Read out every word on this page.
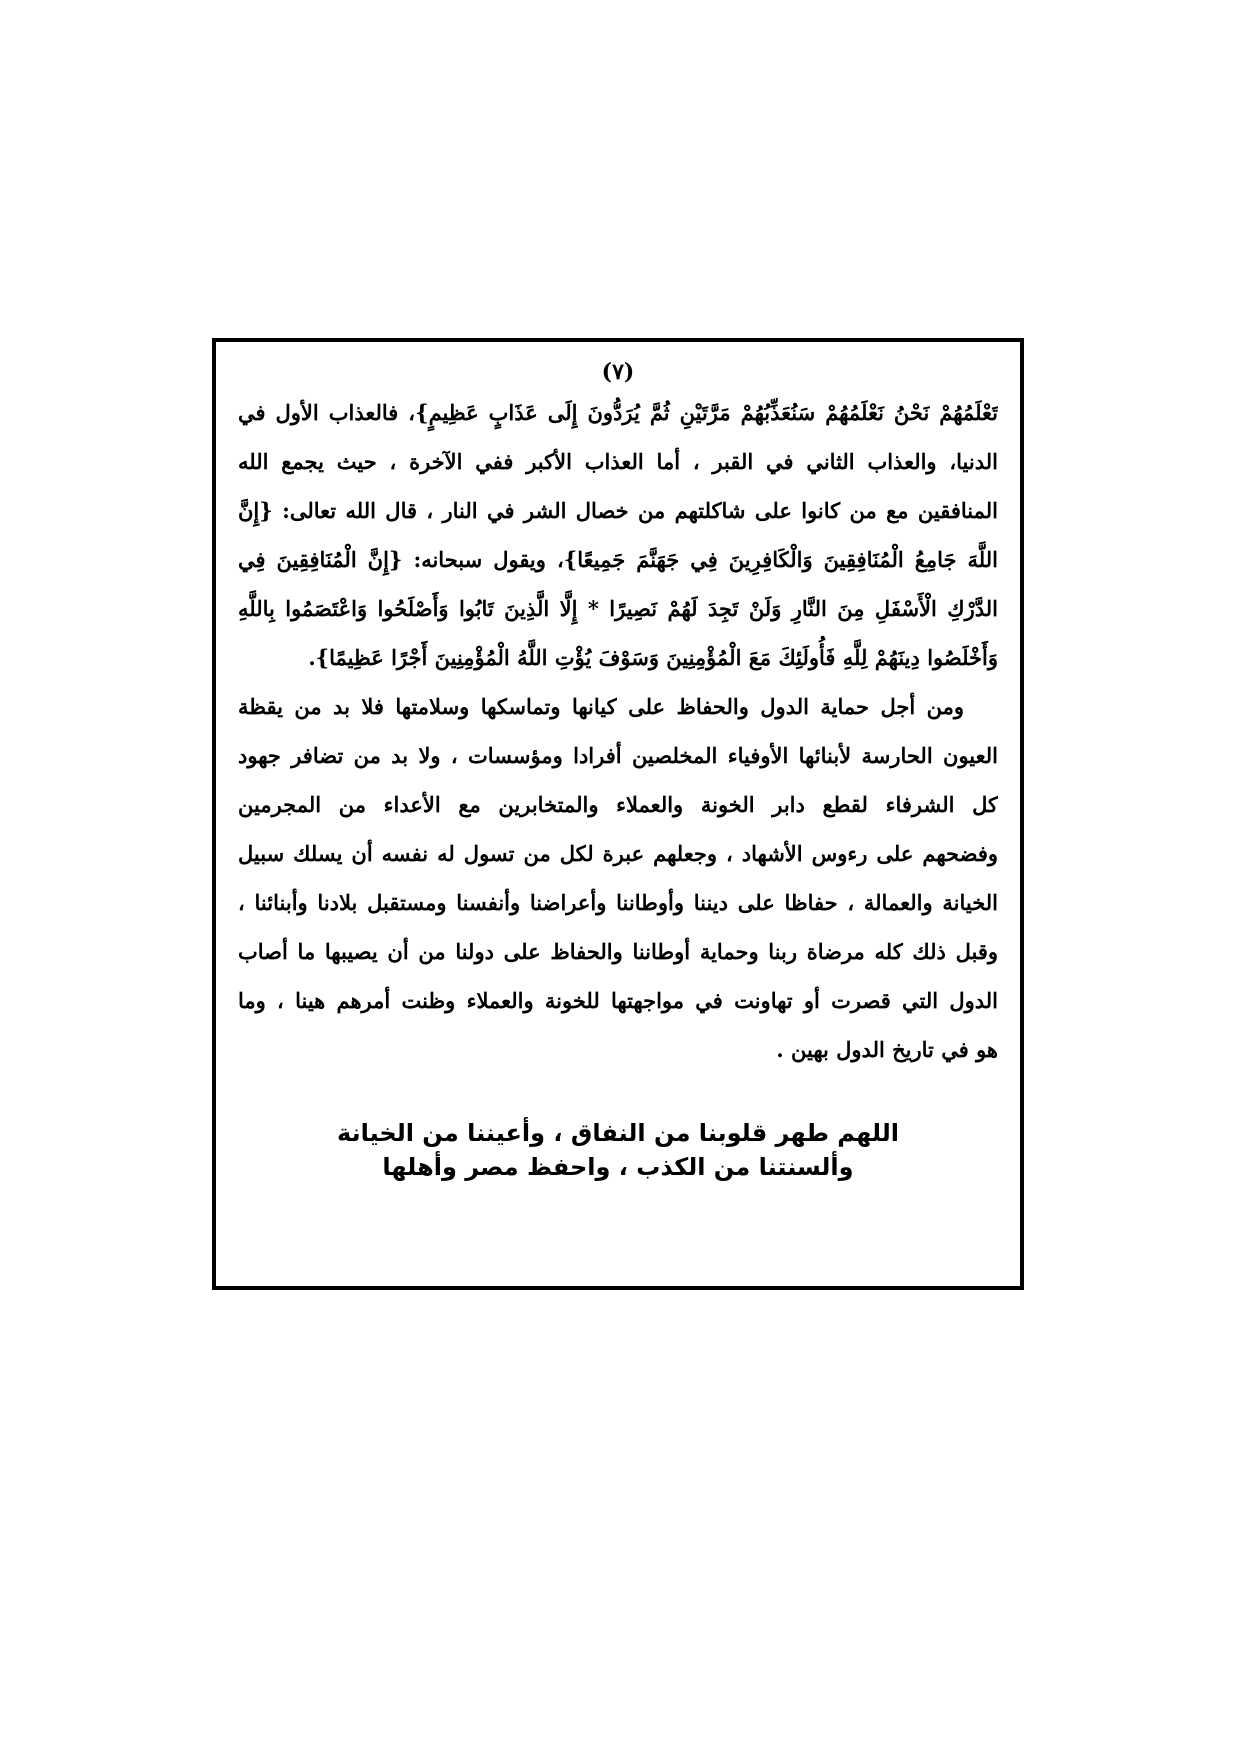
(٧)

تَعْلَمُهُمْ نَحْنُ نَعْلَمُهُمْ سَنُعَذِّبُهُمْ مَرَّتَيْنِ ثُمَّ يُرَدُّونَ إِلَى عَذَابٍ عَظِيمٍ}، فالعذاب الأول في
الدنيا، والعذاب الثاني في القبر ، أما العذاب الأكبر ففي الآخرة ، حيث يجمع الله
المنافقين مع من كانوا على شاكلتهم من خصال الشر في النار ، قال الله تعالى: {إِنَّ
اللَّهَ جَامِعُ الْمُنَافِقِينَ وَالْكَافِرِينَ فِي جَهَنَّمَ جَمِيعًا}، ويقول سبحانه: {إِنَّ الْمُنَافِقِينَ فِي
الدَّرْكِ الْأَسْفَلِ مِنَ النَّارِ وَلَنْ تَجِدَ لَهُمْ نَصِيرًا * إِلَّا الَّذِينَ تَابُوا وَأَصْلَحُوا وَاعْتَصَمُوا بِاللَّهِ
وَأَخْلَصُوا دِينَهُمْ لِلَّهِ فَأُولَئِكَ مَعَ الْمُؤْمِنِينَ وَسَوْفَ يُؤْتِ اللَّهُ الْمُؤْمِنِينَ أَجْرًا عَظِيمًا}.

ومن أجل حماية الدول والحفاظ على كيانها وتماسكها وسلامتها فلا بد من يقظة
العيون الحارسة لأبنائها الأوفياء المخلصين أفرادا ومؤسسات ، ولا بد من تضافر جهود
كل الشرفاء لقطع دابر الخونة والعملاء والمتخابرين مع الأعداء من المجرمين
وفضحهم على رءوس الأشهاد ، وجعلهم عبرة لكل من تسول له نفسه أن يسلك سبيل
الخيانة والعمالة ، حفاظا على ديننا وأوطاننا وأعراضنا وأنفسنا ومستقبل بلادنا وأبنائنا ،
وقبل ذلك كله مرضاة ربنا وحماية أوطاننا والحفاظ على دولنا من أن يصيبها ما أصاب
الدول التي قصرت أو تهاونت في مواجهتها للخونة والعملاء وظنت أمرهم هينا ، وما
هو في تاريخ الدول بهين .

اللهم طهر قلوبنا من النفاق ، وأعيننا من الخيانة
وألسنتنا من الكذب ، واحفظ مصر وأهلها
